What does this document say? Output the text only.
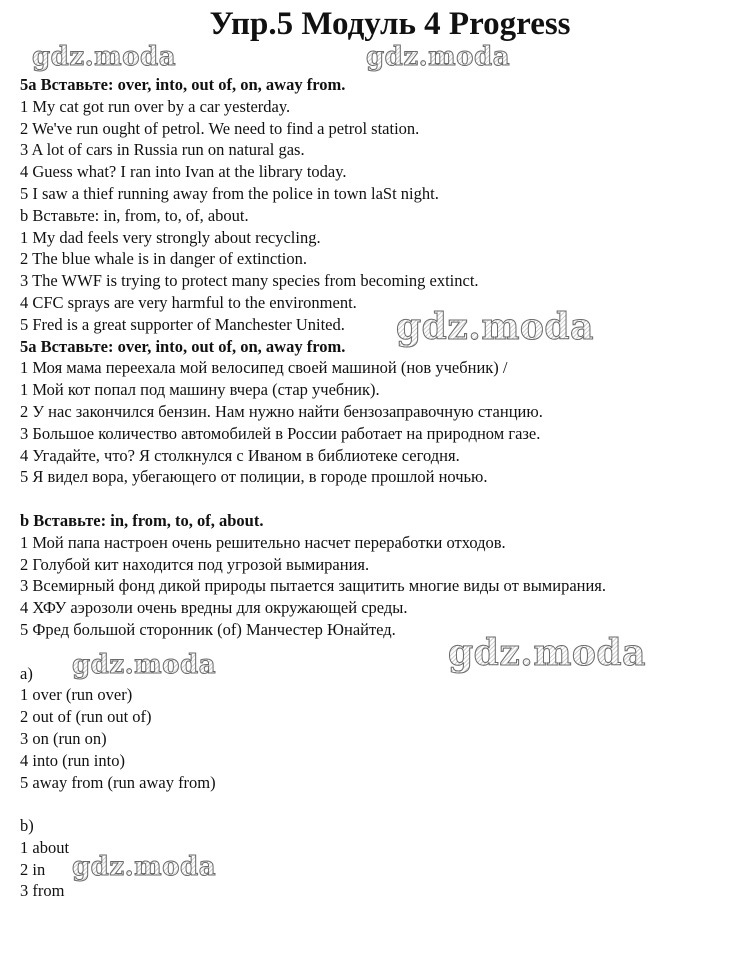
Упр.5 Модуль 4 Progress
5a Вставьте: over, into, out of, on, away from.
1 My cat got run over by a car yesterday.
2 We've run ought of petrol. We need to find a petrol station.
3 A lot of cars in Russia run on natural gas.
4 Guess what? I ran into Ivan at the library today.
5 I saw a thief running away from the police in town laSt night.
b Вставьте: in, from, to, of, about.
1 My dad feels very strongly about recycling.
2 The blue whale is in danger of extinction.
3 The WWF is trying to protect many species from becoming extinct.
4 CFC sprays are very harmful to the environment.
5 Fred is a great supporter of Manchester United.
5a Вставьте: over, into, out of, on, away from.
1 Моя мама переехала мой велосипед своей машиной (нов учебник) /
1 Мой кот попал под машину вчера (стар учебник).
2 У нас закончился бензин. Нам нужно найти бензозаправочную станцию.
3 Большое количество автомобилей в России работает на природном газе.
4 Угадайте, что? Я столкнулся с Иваном в библиотеке сегодня.
5 Я видел вора, убегающего от полиции, в городе прошлой ночью.
b Вставьте: in, from, to, of, about.
1 Мой папа настроен очень решительно насчет переработки отходов.
2 Голубой кит находится под угрозой вымирания.
3 Всемирный фонд дикой природы пытается защитить многие виды от вымирания.
4 ХФУ аэрозоли очень вредны для окружающей среды.
5 Фред большой сторонник (of) Манчестер Юнайтед.
a)
1 over (run over)
2 out of (run out of)
3 on (run on)
4 into (run into)
5 away from (run away from)
b)
1 about
2 in
3 from
gdz.moda	gdz.moda
gdz.moda
gdz.moda
gdz.moda
gdz.moda
